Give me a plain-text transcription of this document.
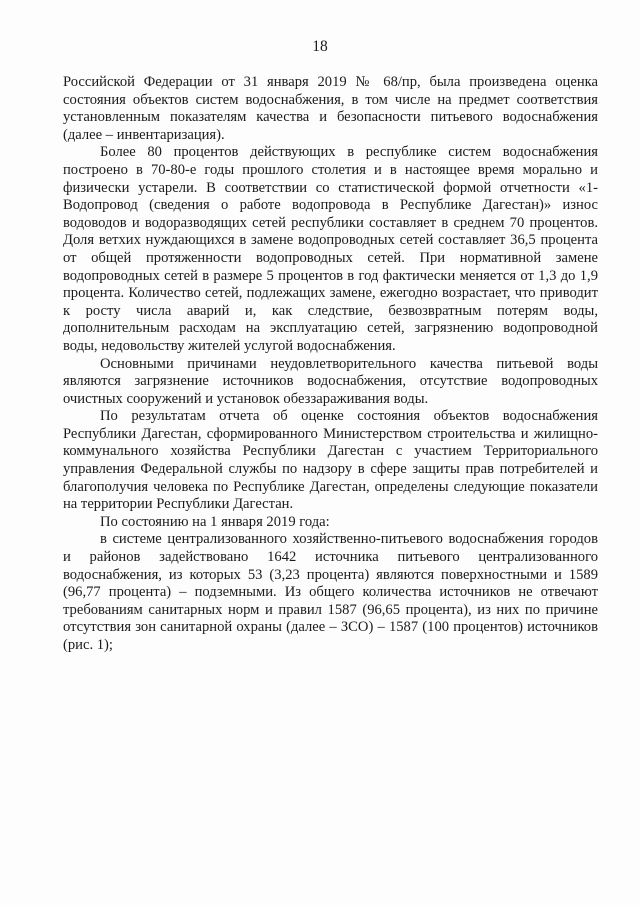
18

Российской Федерации от 31 января 2019 № 68/пр, была произведена оценка состояния объектов систем водоснабжения, в том числе на предмет соответствия установленным показателям качества и безопасности питьевого водоснабжения (далее – инвентаризация).

Более 80 процентов действующих в республике систем водоснабжения построено в 70-80-е годы прошлого столетия и в настоящее время морально и физически устарели. В соответствии со статистической формой отчетности «1-Водопровод (сведения о работе водопровода в Республике Дагестан)» износ водоводов и водоразводящих сетей республики составляет в среднем 70 процентов. Доля ветхих нуждающихся в замене водопроводных сетей составляет 36,5 процента от общей протяженности водопроводных сетей. При нормативной замене водопроводных сетей в размере 5 процентов в год фактически меняется от 1,3 до 1,9 процента. Количество сетей, подлежащих замене, ежегодно возрастает, что приводит к росту числа аварий и, как следствие, безвозвратным потерям воды, дополнительным расходам на эксплуатацию сетей, загрязнению водопроводной воды, недовольству жителей услугой водоснабжения.

Основными причинами неудовлетворительного качества питьевой воды являются загрязнение источников водоснабжения, отсутствие водопроводных очистных сооружений и установок обеззараживания воды.

По результатам отчета об оценке состояния объектов водоснабжения Республики Дагестан, сформированного Министерством строительства и жилищно-коммунального хозяйства Республики Дагестан с участием Территориального управления Федеральной службы по надзору в сфере защиты прав потребителей и благополучия человека по Республике Дагестан, определены следующие показатели на территории Республики Дагестан.

По состоянию на 1 января 2019 года:

в системе централизованного хозяйственно-питьевого водоснабжения городов и районов задействовано 1642 источника питьевого централизованного водоснабжения, из которых 53 (3,23 процента) являются поверхностными и 1589 (96,77 процента) – подземными. Из общего количества источников не отвечают требованиям санитарных норм и правил 1587 (96,65 процента), из них по причине отсутствия зон санитарной охраны (далее – ЗСО) – 1587 (100 процентов) источников (рис. 1);
